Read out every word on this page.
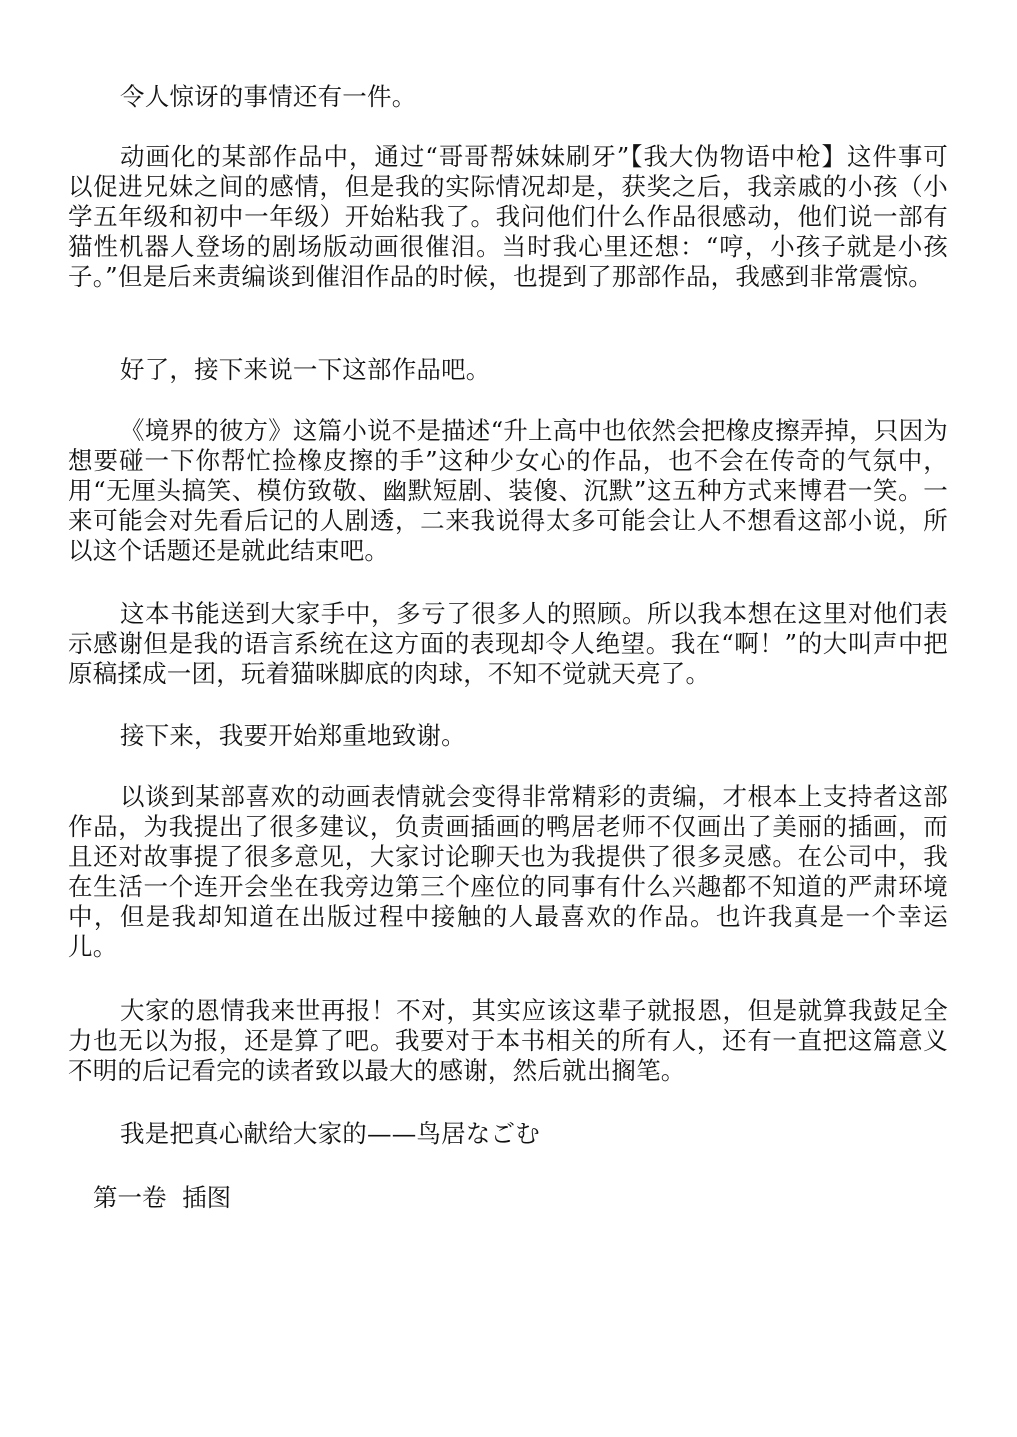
令人惊讶的事情还有一件。

动画化的某部作品中，通过“哥哥帮妹妹刷牙”【我大伪物语中枪】这件事可以促进兄妹之间的感情，但是我的实际情况却是，获奖之后，我亲戚的小孩（小学五年级和初中一年级）开始粘我了。我问他们什么作品很感动，他们说一部有猫性机器人登场的剧场版动画很催泪。当时我心里还想：“哼，小孩子就是小孩子。”但是后来责编谈到催泪作品的时候，也提到了那部作品，我感到非常震惊。

好了，接下来说一下这部作品吧。

《境界的彼方》这篇小说不是描述“升上高中也依然会把橡皮擦弄掉，只因为想要碰一下你帮忙捡橡皮擦的手”这种少女心的作品，也不会在传奇的气氛中，用“无厘头搞笑、模仿致敬、幽默短剧、装傻、沉默”这五种方式来博君一笑。一来可能会对先看后记的人剧透，二来我说得太多可能会让人不想看这部小说，所以这个话题还是就此结束吧。

这本书能送到大家手中，多亏了很多人的照顾。所以我本想在这里对他们表示感谢但是我的语言系统在这方面的表现却令人绝望。我在“啊！”的大叫声中把原稿揉成一团，玩着猫咪脚底的肉球，不知不觉就天亮了。

接下来，我要开始郑重地致谢。

以谈到某部喜欢的动画表情就会变得非常精彩的责编，才根本上支持者这部作品，为我提出了很多建议，负责画插画的鸭居老师不仅画出了美丽的插画，而且还对故事提了很多意见，大家讨论聊天也为我提供了很多灵感。在公司中，我在生活一个连开会坐在我旁边第三个座位的同事有什么兴趣都不知道的严肃环境中，但是我却知道在出版过程中接触的人最喜欢的作品。也许我真是一个幸运儿。

大家的恩情我来世再报！不对，其实应该这辈子就报恩，但是就算我鼓足全力也无以为报，还是算了吧。我要对于本书相关的所有人，还有一直把这篇意义不明的后记看完的读者致以最大的感谢，然后就出搁笔。

我是把真心献给大家的——鸟居なごむ

第一卷  插图
